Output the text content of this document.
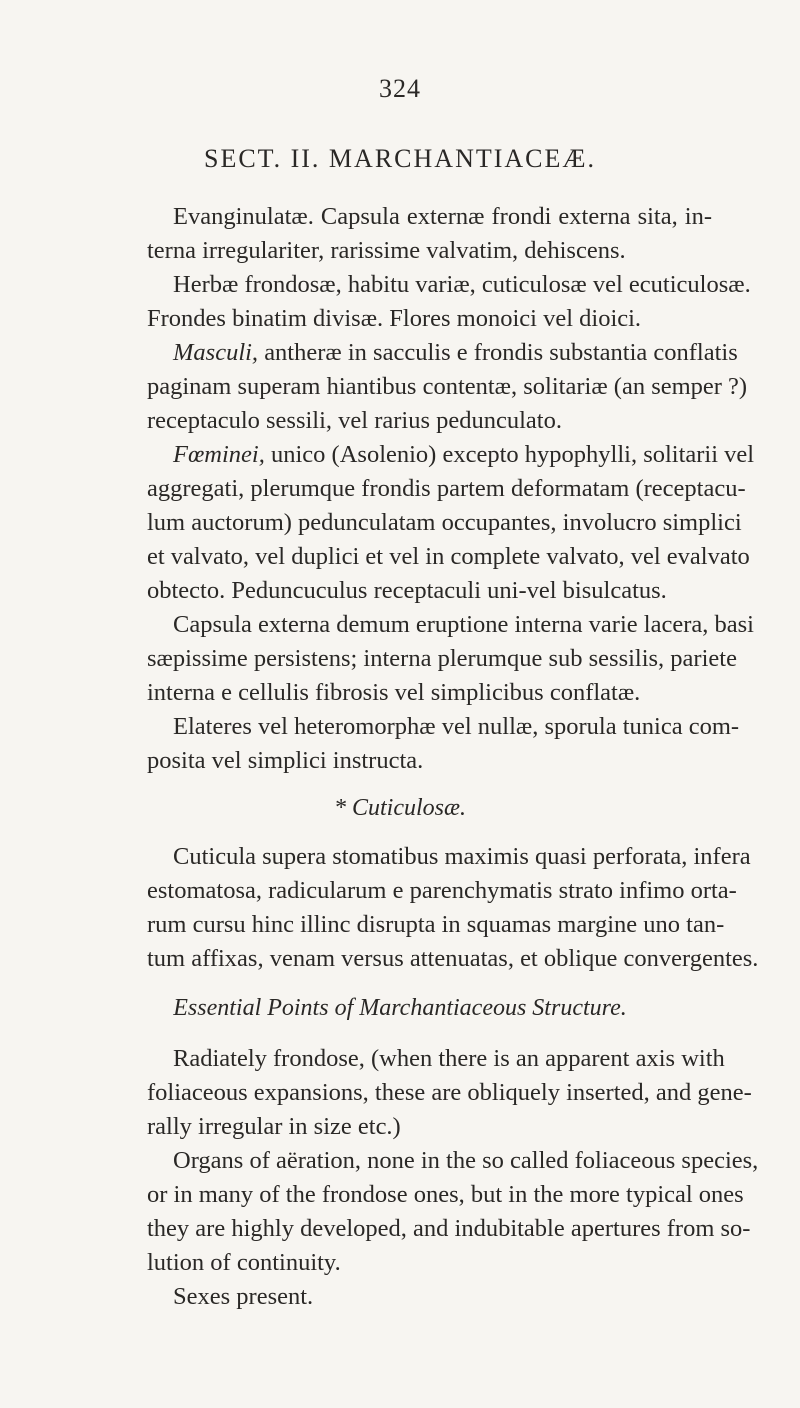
324
SECT. II. MARCHANTIACEÆ.
Evanginulatæ. Capsula externæ frondi externa sita, in-
terna irregulariter, rarissime valvatim, dehiscens.
Herbæ frondosæ, habitu variæ, cuticulosæ vel ecuticulosæ.
Frondes binatim divisæ. Flores monoici vel dioici.
Masculi, antheræ in sacculis e frondis substantia conflatis
paginam superam hiantibus contentæ, solitariæ (an semper ?)
receptaculo sessili, vel rarius pedunculato.
Fœminei, unico (Asolenio) excepto hypophylli, solitarii vel
aggregati, plerumque frondis partem deformatam (receptacu-
lum auctorum) pedunculatam occupantes, involucro simplici
et valvato, vel duplici et vel in complete valvato, vel evalvato
obtecto. Peduncuculus receptaculi uni-vel bisulcatus.
Capsula externa demum eruptione interna varie lacera, basi
sæpissime persistens; interna plerumque sub sessilis, pariete
interna e cellulis fibrosis vel simplicibus conflatæ.
Elateres vel heteromorphæ vel nullæ, sporula tunica com-
posita vel simplici instructa.
* Cuticulosæ.
Cuticula supera stomatibus maximis quasi perforata, infera
estomatosa, radicularum e parenchymatis strato infimo orta-
rum cursu hinc illinc disrupta in squamas margine uno tan-
tum affixas, venam versus attenuatas, et oblique convergentes.
Essential Points of Marchantiaceous Structure.
Radiately frondose, (when there is an apparent axis with
foliaceous expansions, these are obliquely inserted, and gene-
rally irregular in size etc.)
Organs of aëration, none in the so called foliaceous species,
or in many of the frondose ones, but in the more typical ones
they are highly developed, and indubitable apertures from so-
lution of continuity.
Sexes present.
